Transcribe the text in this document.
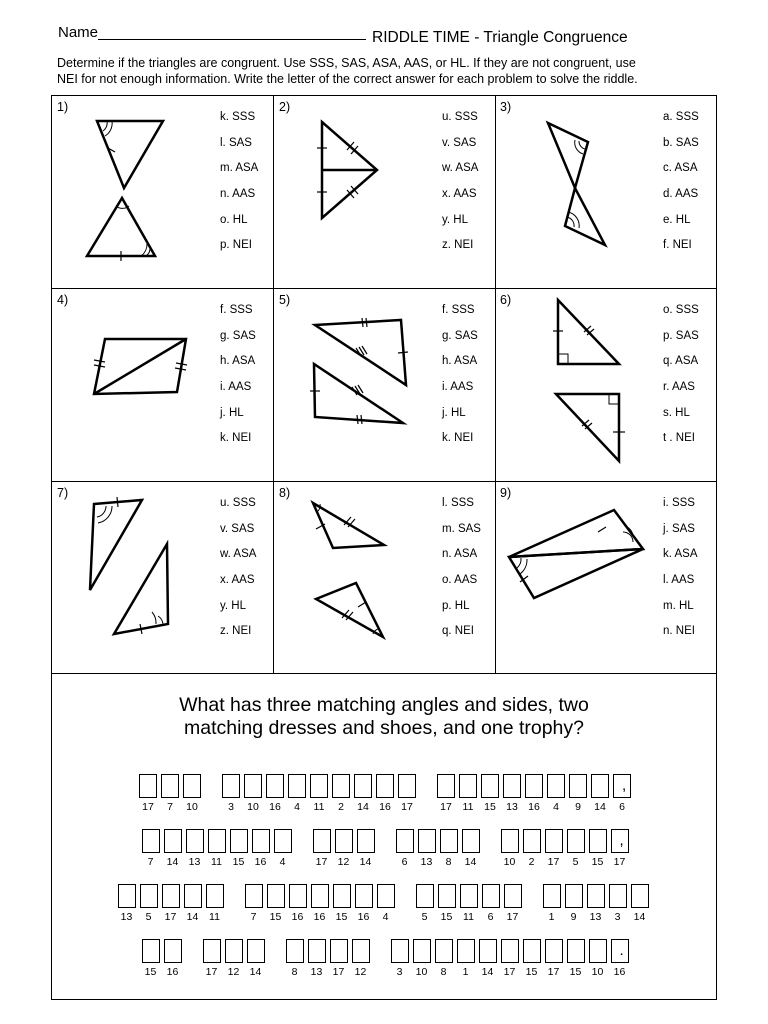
Name	RIDDLE TIME - Triangle Congruence
Determine if the triangles are congruent. Use SSS, SAS, ASA, AAS, or HL. If they are not congruent, use
NEI for not enough information. Write the letter of the correct answer for each problem to solve the riddle.
1)
k. SSS
l. SAS
m. ASA
n. AAS
o. HL
p. NEI
2)
u. SSS
v. SAS
w. ASA
x. AAS
y. HL
z. NEI
3)
a. SSS
b. SAS
c. ASA
d. AAS
e. HL
f. NEI
4)
f. SSS
g. SAS
h. ASA
i. AAS
j. HL
k. NEI
5)
f. SSS
g. SAS
h. ASA
i. AAS
j. HL
k. NEI
6)
o. SSS
p. SAS
q. ASA
r. AAS
s. HL
t . NEI
7)
u. SSS
v. SAS
w. ASA
x. AAS
y. HL
z. NEI
8)
l. SSS
m. SAS
n. ASA
o. AAS
p. HL
q. NEI
9)
i. SSS
j. SAS
k. ASA
l. AAS
m. HL
n. NEI
What has three matching angles and sides, two
matching dresses and shoes, and one trophy?
17 7 10	3 10 16 4 11 2 14 16 17	17 11 15 13 16 4 9 14 6
,
7 14 13 11 15 16 4	17 12 14	6 13 8 14	10 2 17 5 15 17
,
13 5 17 14 11	7 15 16 16 15 16 4	5 15 11 6 17	1 9 13 3 14
15 16	17 12 14	8 13 17 12	3 10 8 1 14 17 15 17 15 10 16
.
